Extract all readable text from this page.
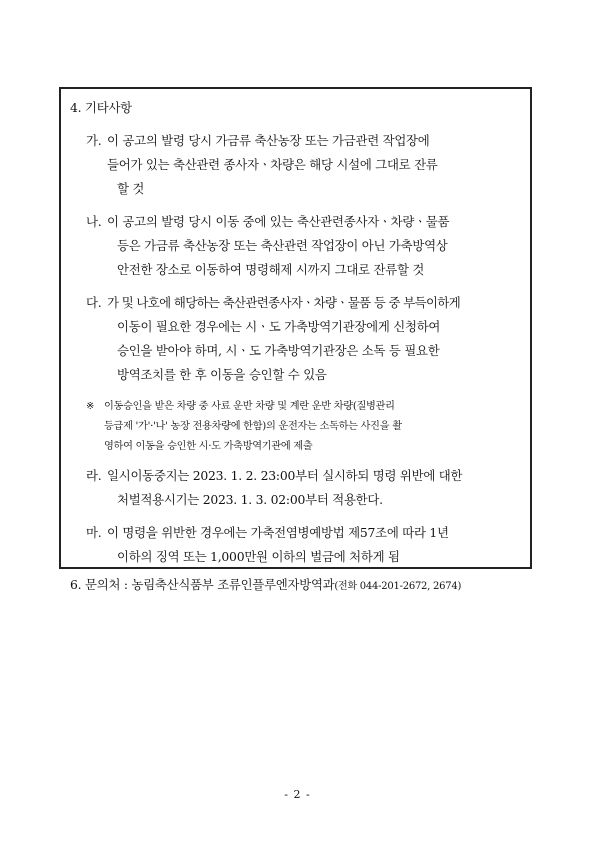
4. 기타사항
가. 이 공고의 발령 당시 가금류 축산농장 또는 가금관련 작업장에
들어가 있는 축산관련 종사자ㆍ차량은 해당 시설에 그대로 잔류
할 것
나. 이 공고의 발령 당시 이동 중에 있는 축산관련종사자ㆍ차량ㆍ물품
등은 가금류 축산농장 또는 축산관련 작업장이 아닌 가축방역상
안전한 장소로 이동하여 명령해제 시까지 그대로 잔류할 것
다. 가 및 나호에 해당하는 축산관련종사자ㆍ차량ㆍ물품 등 중 부득이하게
이동이 필요한 경우에는 시ㆍ도 가축방역기관장에게 신청하여
승인을 받아야 하며, 시ㆍ도 가축방역기관장은 소독 등 필요한
방역조치를 한 후 이동을 승인할 수 있음
※ 이동승인을 받은 차량 중 사료 운반 차량 및 계란 운반 차량(질병관리
등급제 '가'·'나' 농장 전용차량에 한함)의 운전자는 소독하는 사진을 촬
영하여 이동을 승인한 시·도 가축방역기관에 제출
라. 일시이동중지는 2023. 1. 2. 23:00부터 실시하되 명령 위반에 대한
처벌적용시기는 2023. 1. 3. 02:00부터 적용한다.
마. 이 명령을 위반한 경우에는 가축전염병예방법 제57조에 따라 1년
이하의 징역 또는 1,000만원 이하의 벌금에 처하게 됨
6. 문의처 : 농림축산식품부 조류인플루엔자방역과(전화 044-201-2672, 2674)
- 2 -
